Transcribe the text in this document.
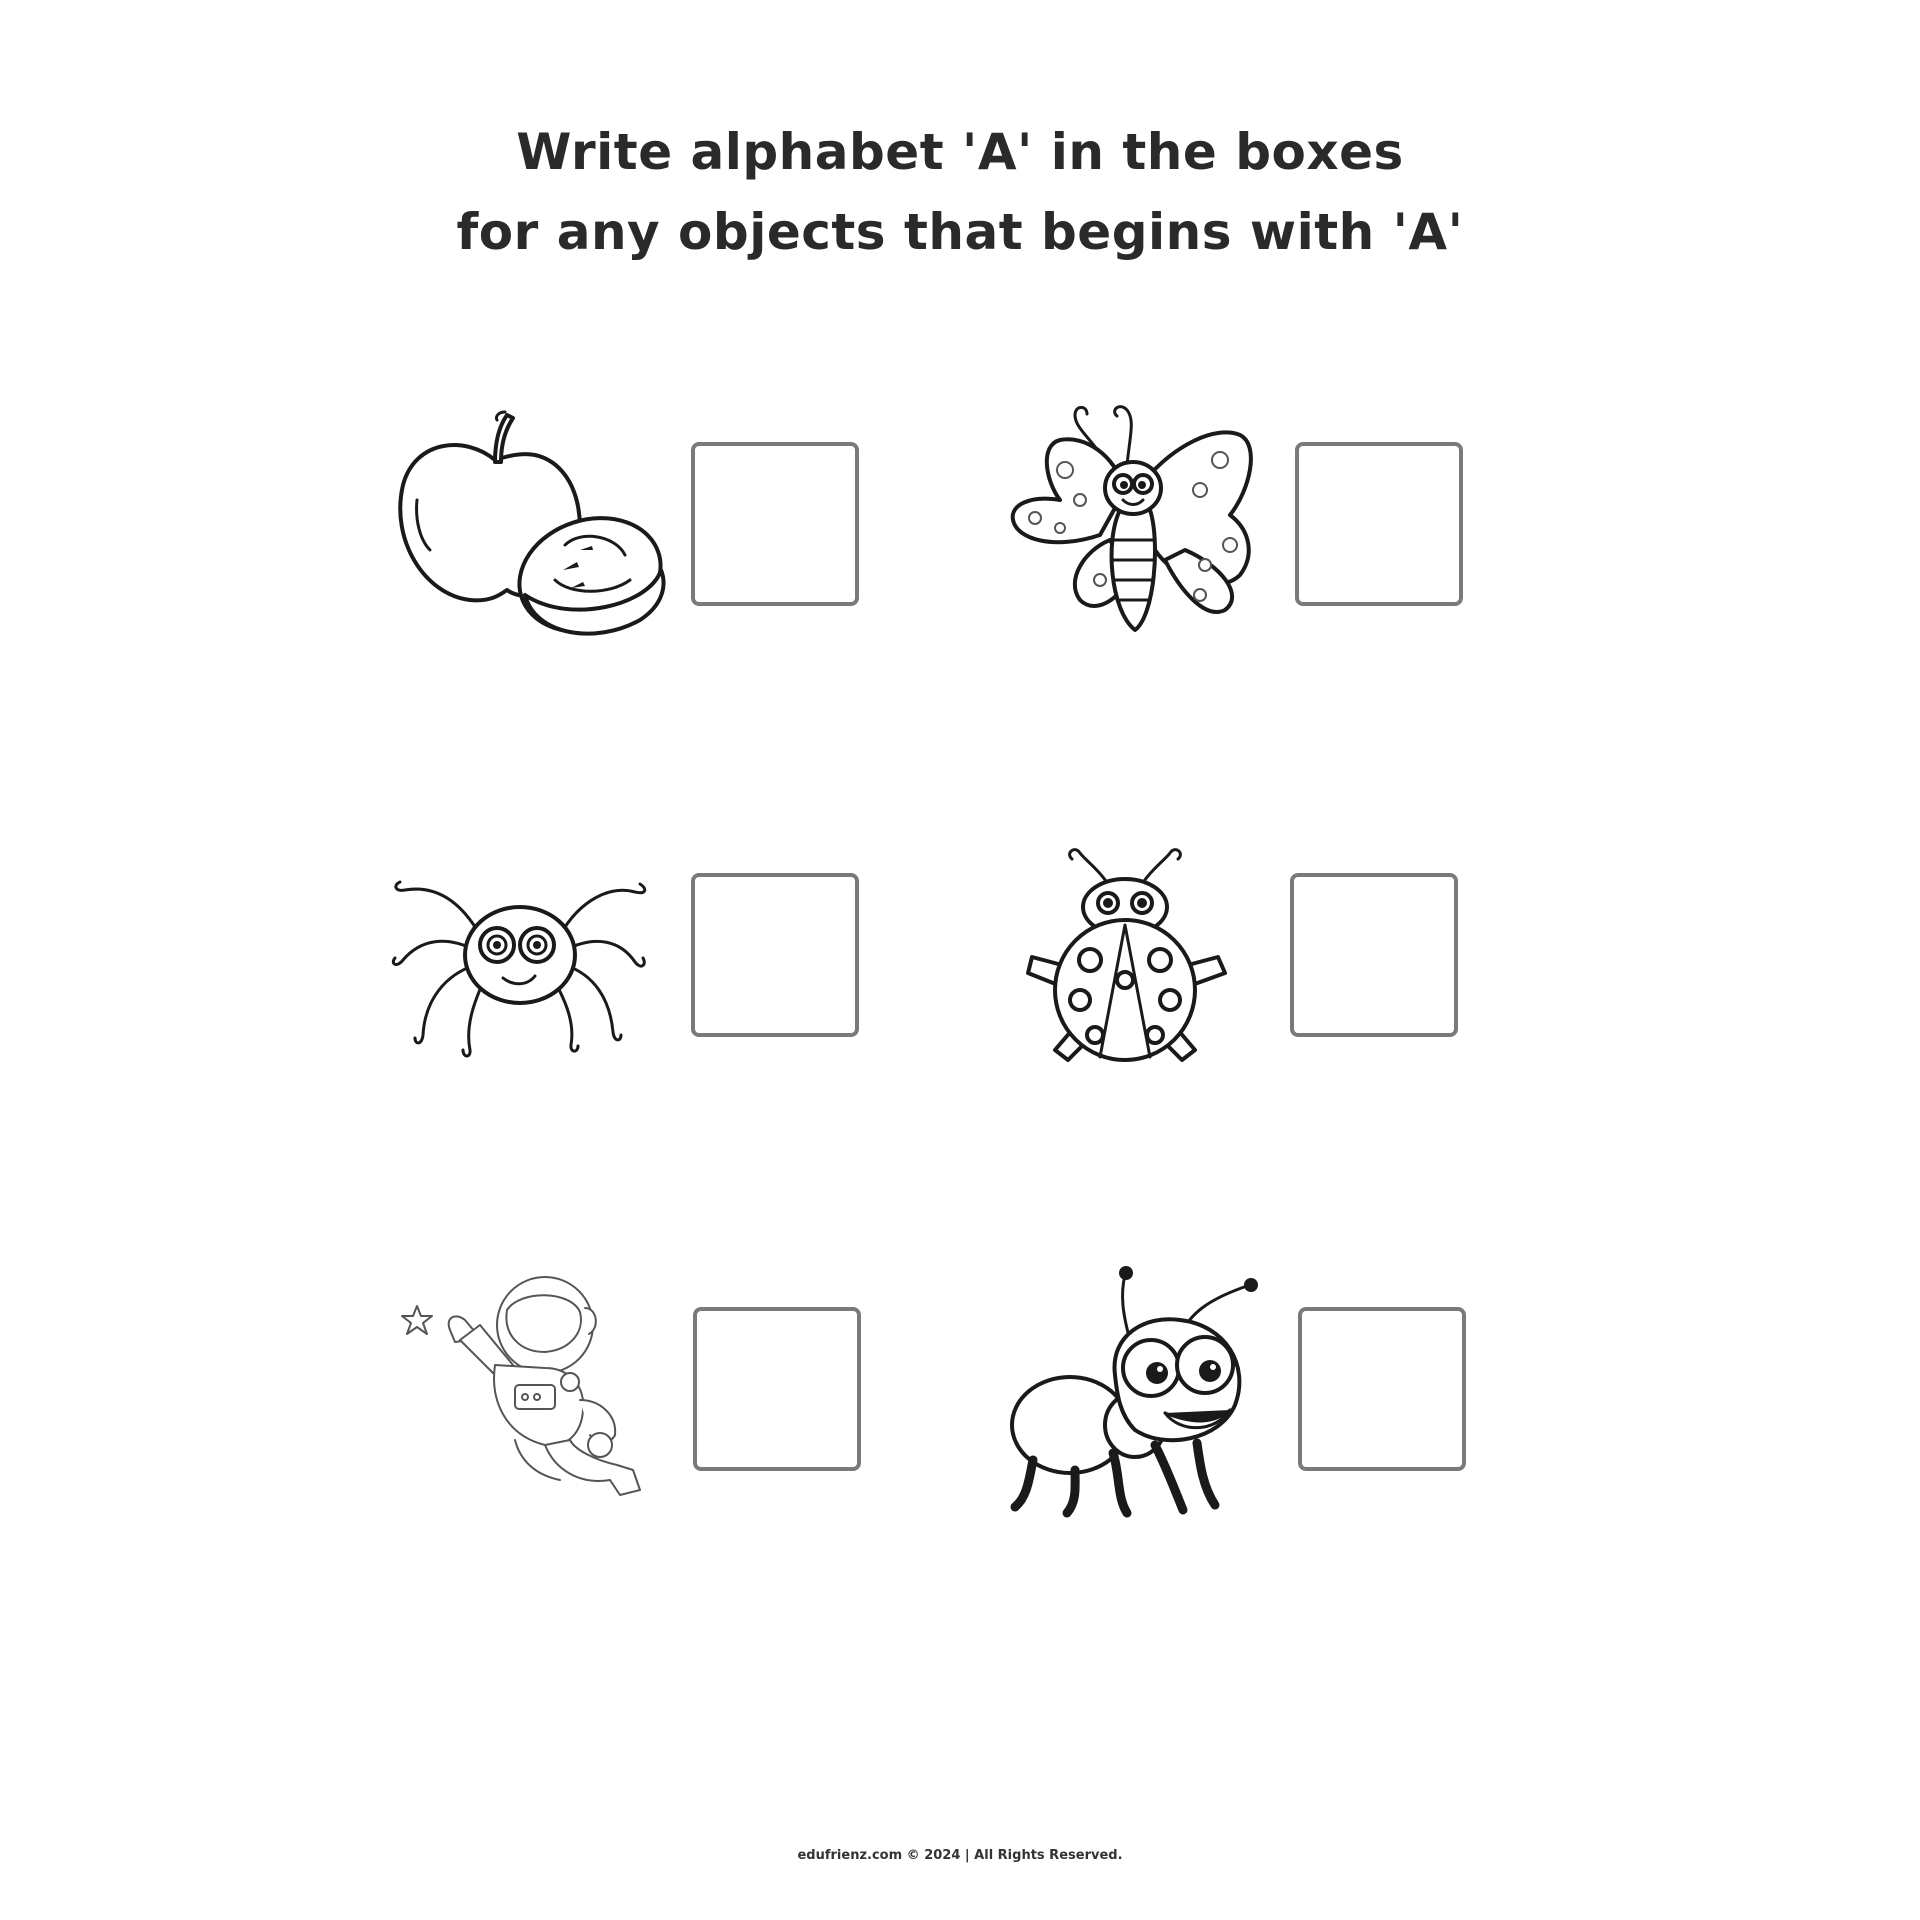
Write alphabet 'A' in the boxes
for any objects that begins with 'A'
edufrienz.com © 2024 | All Rights Reserved.
